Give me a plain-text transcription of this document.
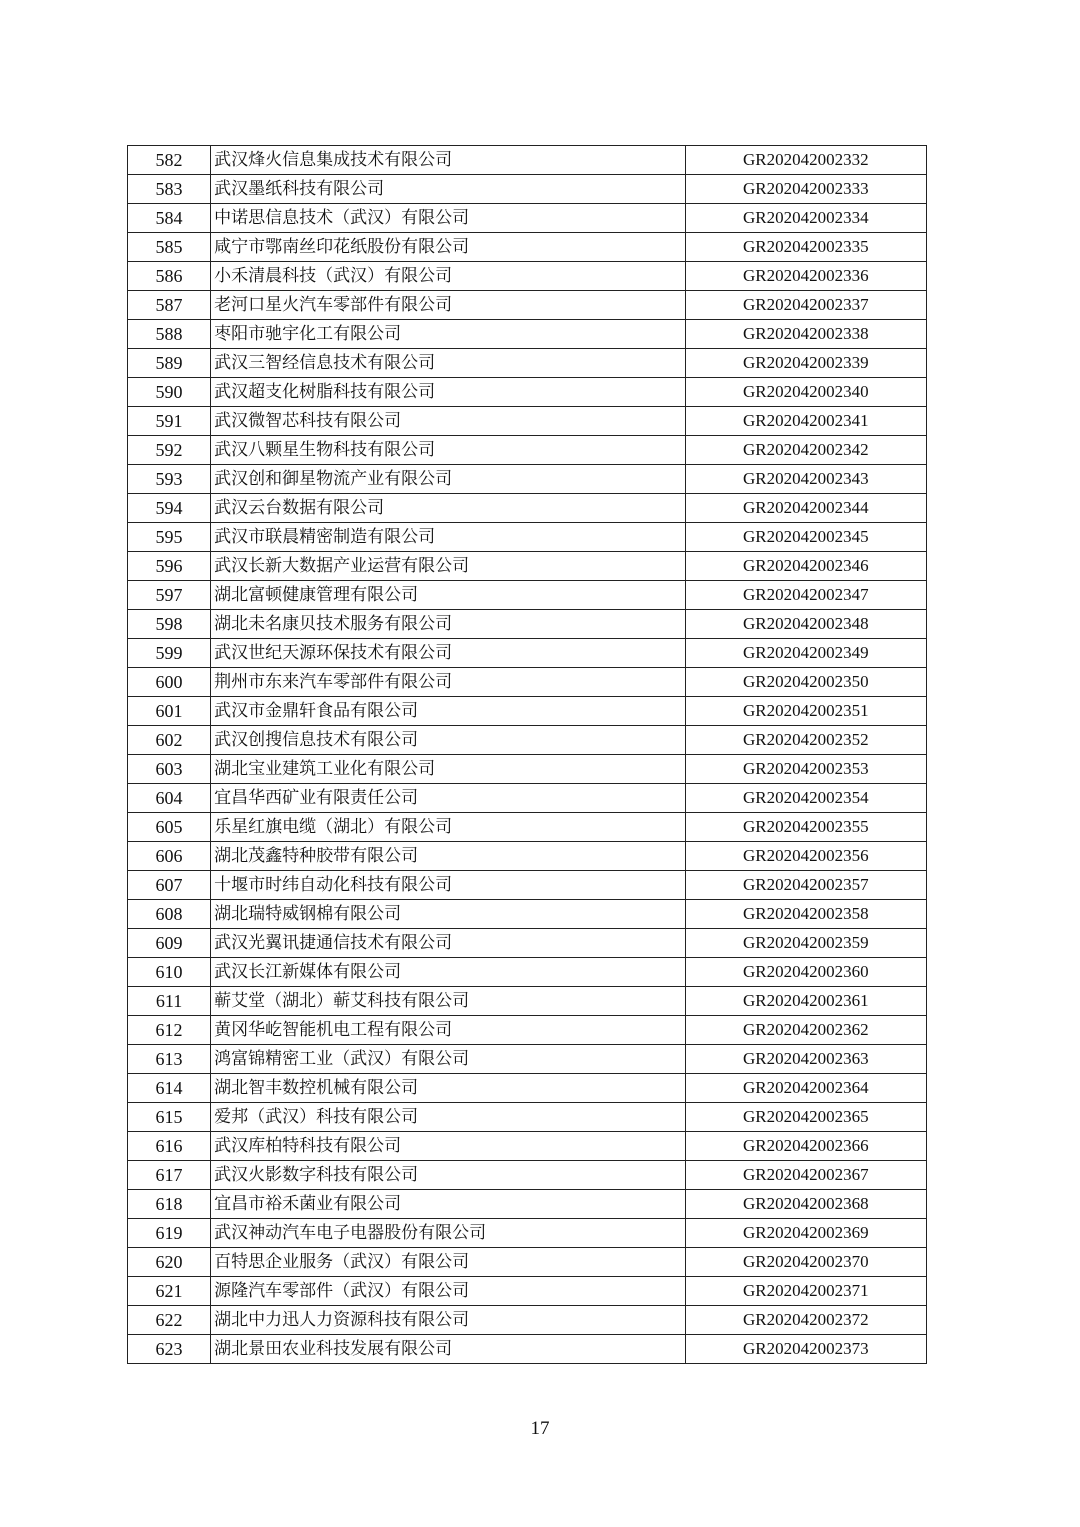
582	武汉烽火信息集成技术有限公司	GR202042002332
583	武汉墨纸科技有限公司	GR202042002333
584	中诺思信息技术（武汉）有限公司	GR202042002334
585	咸宁市鄂南丝印花纸股份有限公司	GR202042002335
586	小禾清晨科技（武汉）有限公司	GR202042002336
587	老河口星火汽车零部件有限公司	GR202042002337
588	枣阳市驰宇化工有限公司	GR202042002338
589	武汉三智经信息技术有限公司	GR202042002339
590	武汉超支化树脂科技有限公司	GR202042002340
591	武汉微智芯科技有限公司	GR202042002341
592	武汉八颗星生物科技有限公司	GR202042002342
593	武汉创和御星物流产业有限公司	GR202042002343
594	武汉云台数据有限公司	GR202042002344
595	武汉市联晨精密制造有限公司	GR202042002345
596	武汉长新大数据产业运营有限公司	GR202042002346
597	湖北富顿健康管理有限公司	GR202042002347
598	湖北未名康贝技术服务有限公司	GR202042002348
599	武汉世纪天源环保技术有限公司	GR202042002349
600	荆州市东来汽车零部件有限公司	GR202042002350
601	武汉市金鼎轩食品有限公司	GR202042002351
602	武汉创搜信息技术有限公司	GR202042002352
603	湖北宝业建筑工业化有限公司	GR202042002353
604	宜昌华西矿业有限责任公司	GR202042002354
605	乐星红旗电缆（湖北）有限公司	GR202042002355
606	湖北茂鑫特种胶带有限公司	GR202042002356
607	十堰市时纬自动化科技有限公司	GR202042002357
608	湖北瑞特威钢棉有限公司	GR202042002358
609	武汉光翼讯捷通信技术有限公司	GR202042002359
610	武汉长江新媒体有限公司	GR202042002360
611	蕲艾堂（湖北）蕲艾科技有限公司	GR202042002361
612	黄冈华屹智能机电工程有限公司	GR202042002362
613	鸿富锦精密工业（武汉）有限公司	GR202042002363
614	湖北智丰数控机械有限公司	GR202042002364
615	爱邦（武汉）科技有限公司	GR202042002365
616	武汉库柏特科技有限公司	GR202042002366
617	武汉火影数字科技有限公司	GR202042002367
618	宜昌市裕禾菌业有限公司	GR202042002368
619	武汉神动汽车电子电器股份有限公司	GR202042002369
620	百特思企业服务（武汉）有限公司	GR202042002370
621	源隆汽车零部件（武汉）有限公司	GR202042002371
622	湖北中力迅人力资源科技有限公司	GR202042002372
623	湖北景田农业科技发展有限公司	GR202042002373
17
